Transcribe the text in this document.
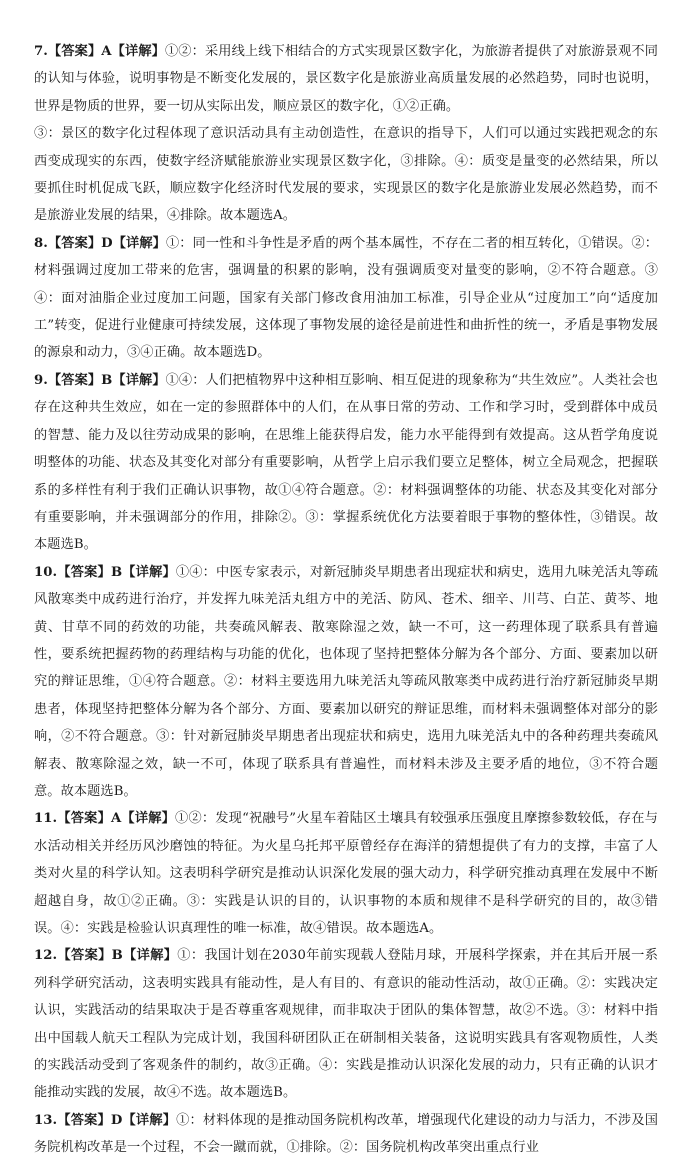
7.【答案】A【详解】①②：采用线上线下相结合的方式实现景区数字化，为旅游者提供了对旅游景观不同的认知与体验，说明事物是不断变化发展的，景区数字化是旅游业高质量发展的必然趋势，同时也说明，世界是物质的世界，要一切从实际出发，顺应景区的数字化，①②正确。

③：景区的数字化过程体现了意识活动具有主动创造性，在意识的指导下，人们可以通过实践把观念的东西变成现实的东西，使数字经济赋能旅游业实现景区数字化，③排除。④：质变是量变的必然结果，所以要抓住时机促成飞跃，顺应数字化经济时代发展的要求，实现景区的数字化是旅游业发展必然趋势，而不是旅游业发展的结果，④排除。故本题选A。

8.【答案】D【详解】①：同一性和斗争性是矛盾的两个基本属性，不存在二者的相互转化，①错误。②：材料强调过度加工带来的危害，强调量的积累的影响，没有强调质变对量变的影响，②不符合题意。③④：面对油脂企业过度加工问题，国家有关部门修改食用油加工标准，引导企业从“过度加工”向“适度加工”转变，促进行业健康可持续发展，这体现了事物发展的途径是前进性和曲折性的统一，矛盾是事物发展的源泉和动力，③④正确。故本题选D。

9.【答案】B【详解】①④：人们把植物界中这种相互影响、相互促进的现象称为“共生效应”。人类社会也存在这种共生效应，如在一定的参照群体中的人们，在从事日常的劳动、工作和学习时，受到群体中成员的智慧、能力及以往劳动成果的影响，在思维上能获得启发，能力水平能得到有效提高。这从哲学角度说明整体的功能、状态及其变化对部分有重要影响，从哲学上启示我们要立足整体，树立全局观念，把握联系的多样性有利于我们正确认识事物，故①④符合题意。②：材料强调整体的功能、状态及其变化对部分有重要影响，并未强调部分的作用，排除②。③：掌握系统优化方法要着眼于事物的整体性，③错误。故本题选B。

10.【答案】B【详解】①④：中医专家表示，对新冠肺炎早期患者出现症状和病史，选用九味羌活丸等疏风散寒类中成药进行治疗，并发挥九味羌活丸组方中的羌活、防风、苍术、细辛、川芎、白芷、黄芩、地黄、甘草不同的药效的功能，共奏疏风解表、散寒除湿之效，缺一不可，这一药理体现了联系具有普遍性，要系统把握药物的药理结构与功能的优化，也体现了坚持把整体分解为各个部分、方面、要素加以研究的辩证思维，①④符合题意。②：材料主要选用九味羌活丸等疏风散寒类中成药进行治疗新冠肺炎早期患者，体现坚持把整体分解为各个部分、方面、要素加以研究的辩证思维，而材料未强调整体对部分的影响，②不符合题意。③：针对新冠肺炎早期患者出现症状和病史，选用九味羌活丸中的各种药理共奏疏风解表、散寒除湿之效，缺一不可，体现了联系具有普遍性，而材料未涉及主要矛盾的地位，③不符合题意。故本题选B。

11.【答案】A【详解】①②：发现“祝融号”火星车着陆区土壤具有较强承压强度且摩擦参数较低，存在与水活动相关并经历风沙磨蚀的特征。为火星乌托邦平原曾经存在海洋的猜想提供了有力的支撑，丰富了人类对火星的科学认知。这表明科学研究是推动认识深化发展的强大动力，科学研究推动真理在发展中不断超越自身，故①②正确。③：实践是认识的目的，认识事物的本质和规律不是科学研究的目的，故③错误。④：实践是检验认识真理性的唯一标准，故④错误。故本题选A。

12.【答案】B【详解】①：我国计划在2030年前实现载人登陆月球，开展科学探索，并在其后开展一系列科学研究活动，这表明实践具有能动性，是人有目的、有意识的能动性活动，故①正确。②：实践决定认识，实践活动的结果取决于是否尊重客观规律，而非取决于团队的集体智慧，故②不选。③：材料中指出中国载人航天工程队为完成计划，我国科研团队正在研制相关装备，这说明实践具有客观物质性，人类的实践活动受到了客观条件的制约，故③正确。④：实践是推动认识深化发展的动力，只有正确的认识才能推动实践的发展，故④不选。故本题选B。

13.【答案】D【详解】①：材料体现的是推动国务院机构改革，增强现代化建设的动力与活力，不涉及国务院机构改革是一个过程，不会一蹴而就，①排除。②：国务院机构改革突出重点行业
